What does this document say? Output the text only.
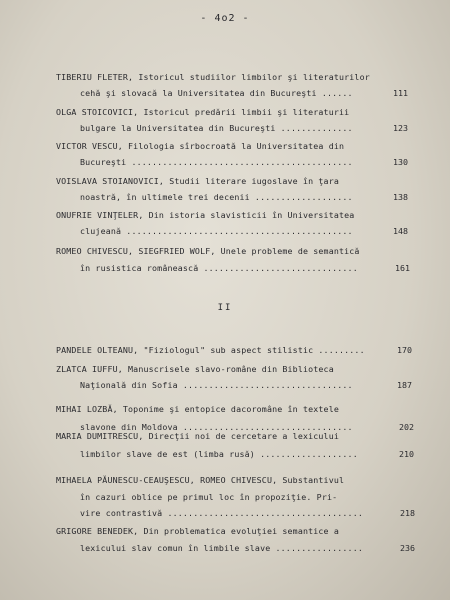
- 4o2 -
TIBERIU FLETER, Istoricul studiilor limbilor şi literaturilor
cehă şi slovacă la Universitatea din Bucureşti ......	111
OLGA STOICOVICI, Istoricul predării limbii şi literaturii
bulgare la Universitatea din Bucureşti ..............	123
VICTOR VESCU, Filologia sîrbocroată la Universitatea din
Bucureşti ...........................................	130
VOISLAVA STOIANOVICI, Studii literare iugoslave în ţara
noastră, în ultimele trei decenii ...................	138
ONUFRIE VINŢELER, Din istoria slavisticii în Universitatea
clujeană ............................................	148
ROMEO CHIVESCU, SIEGFRIED WOLF, Unele probleme de semantică
în rusistica românească ..............................	161
II
PANDELE OLTEANU, "Fiziologul" sub aspect stilistic .........	170
ZLATCA IUFFU, Manuscrisele slavo-române din Biblioteca
Naţională din Sofia .................................	187
MIHAI LOZBĂ, Toponime şi entopice dacoromâne în textele
slavone din Moldova .................................	202
MARIA DUMITRESCU, Direcţii noi de cercetare a lexicului
limbilor slave de est (limba rusă) ...................	210
MIHAELA PĂUNESCU-CEAUŞESCU, ROMEO CHIVESCU, Substantivul
în cazuri oblice pe primul loc în propoziţie. Pri-
vire contrastivă ......................................	218
GRIGORE BENEDEK, Din problematica evoluţiei semantice a
lexicului slav comun în limbile slave .................	236
